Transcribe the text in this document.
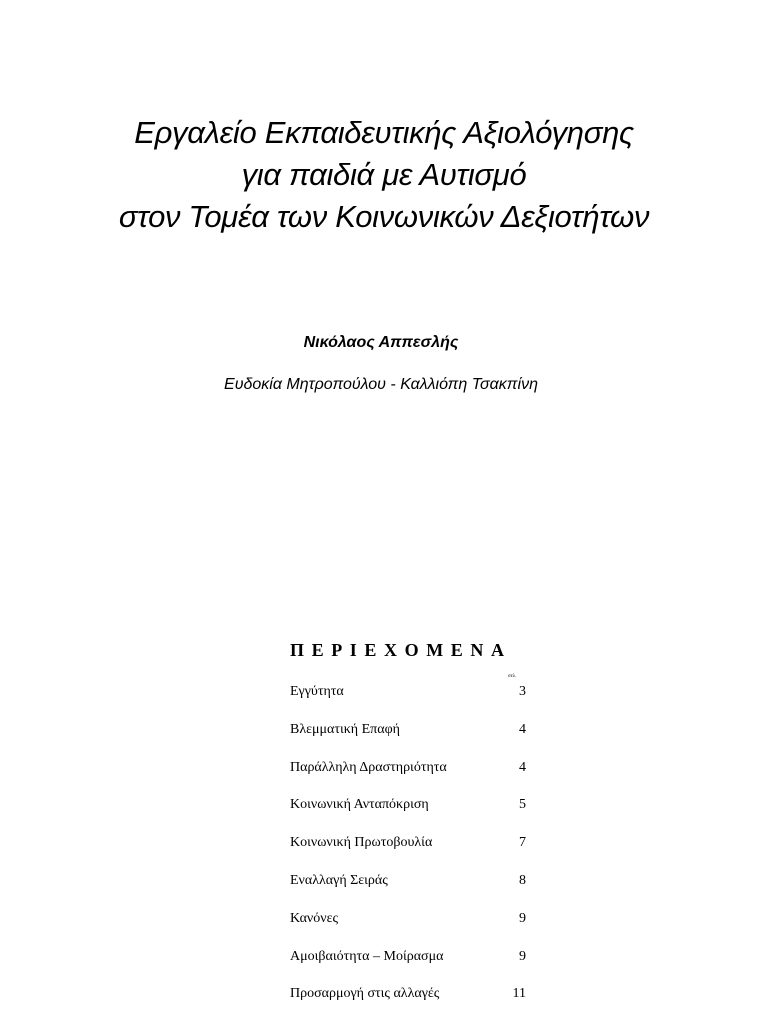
Εργαλείο Εκπαιδευτικής Αξιολόγησης
για παιδιά με Αυτισμό
στον Τομέα των Κοινωνικών Δεξιοτήτων
Νικόλαος Αππεσλής
Ευδοκία Μητροπούλου - Καλλιόπη Τσακπίνη
ΠΕΡΙΕΧΟΜΕΝΑ
σελ.
Εγγύτητα	3
Βλεμματική Επαφή	4
Παράλληλη Δραστηριότητα	4
Κοινωνική Ανταπόκριση	5
Κοινωνική Πρωτοβουλία	7
Εναλλαγή Σειράς	8
Κανόνες	9
Αμοιβαιότητα – Μοίρασμα	9
Προσαρμογή στις αλλαγές	11
